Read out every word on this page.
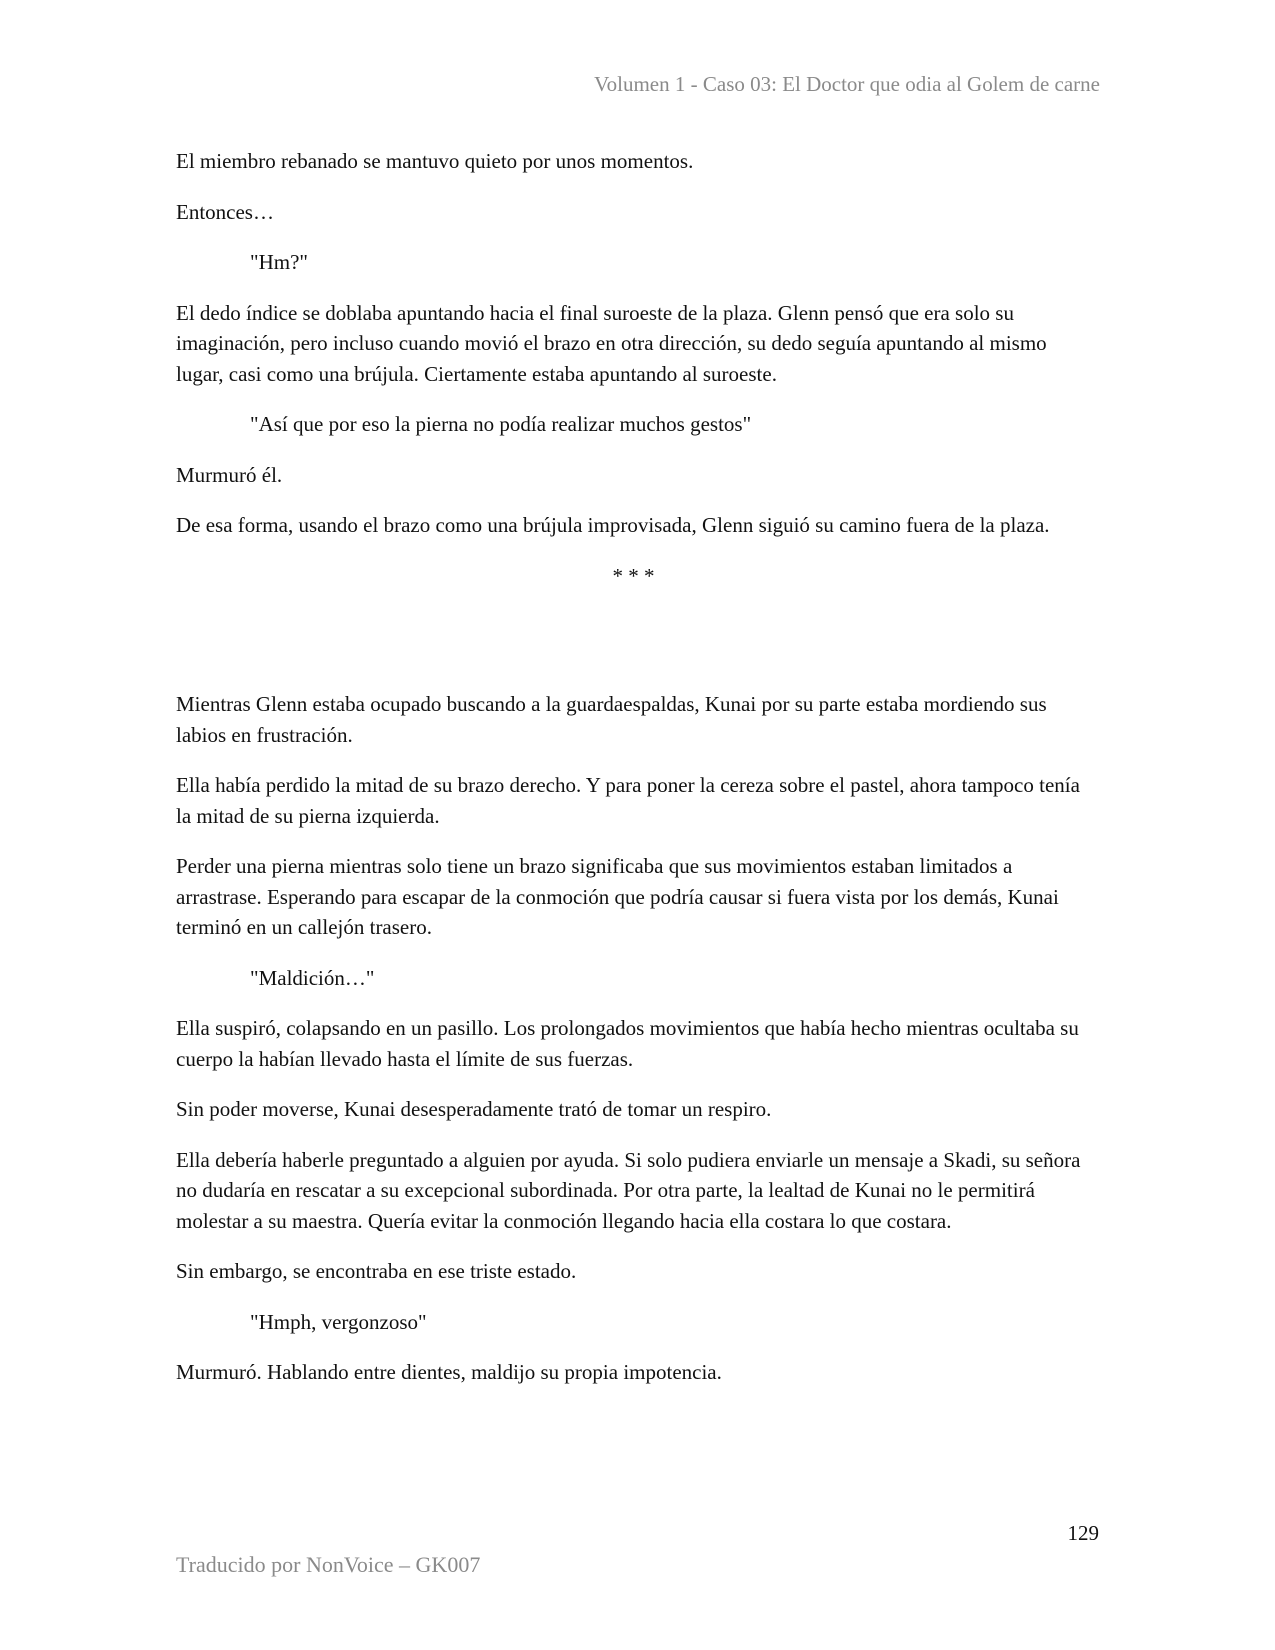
Volumen 1 - Caso 03: El Doctor que odia al Golem de carne

El miembro rebanado se mantuvo quieto por unos momentos.

Entonces…

"Hm?"

El dedo índice se doblaba apuntando hacia el final suroeste de la plaza. Glenn pensó que era solo su imaginación, pero incluso cuando movió el brazo en otra dirección, su dedo seguía apuntando al mismo lugar, casi como una brújula. Ciertamente estaba apuntando al suroeste.

"Así que por eso la pierna no podía realizar muchos gestos"

Murmuró él.

De esa forma, usando el brazo como una brújula improvisada, Glenn siguió su camino fuera de la plaza.

* * *

Mientras Glenn estaba ocupado buscando a la guardaespaldas, Kunai por su parte estaba mordiendo sus labios en frustración.

Ella había perdido la mitad de su brazo derecho. Y para poner la cereza sobre el pastel, ahora tampoco tenía la mitad de su pierna izquierda.

Perder una pierna mientras solo tiene un brazo significaba que sus movimientos estaban limitados a arrastrase. Esperando para escapar de la conmoción que podría causar si fuera vista por los demás, Kunai terminó en un callejón trasero.

"Maldición…"

Ella suspiró, colapsando en un pasillo. Los prolongados movimientos que había hecho mientras ocultaba su cuerpo la habían llevado hasta el límite de sus fuerzas.

Sin poder moverse, Kunai desesperadamente trató de tomar un respiro.

Ella debería haberle preguntado a alguien por ayuda. Si solo pudiera enviarle un mensaje a Skadi, su señora no dudaría en rescatar a su excepcional subordinada. Por otra parte, la lealtad de Kunai no le permitirá molestar a su maestra. Quería evitar la conmoción llegando hacia ella costara lo que costara.

Sin embargo, se encontraba en ese triste estado.

"Hmph, vergonzoso"

Murmuró. Hablando entre dientes, maldijo su propia impotencia.

129
Traducido por NonVoice – GK007
